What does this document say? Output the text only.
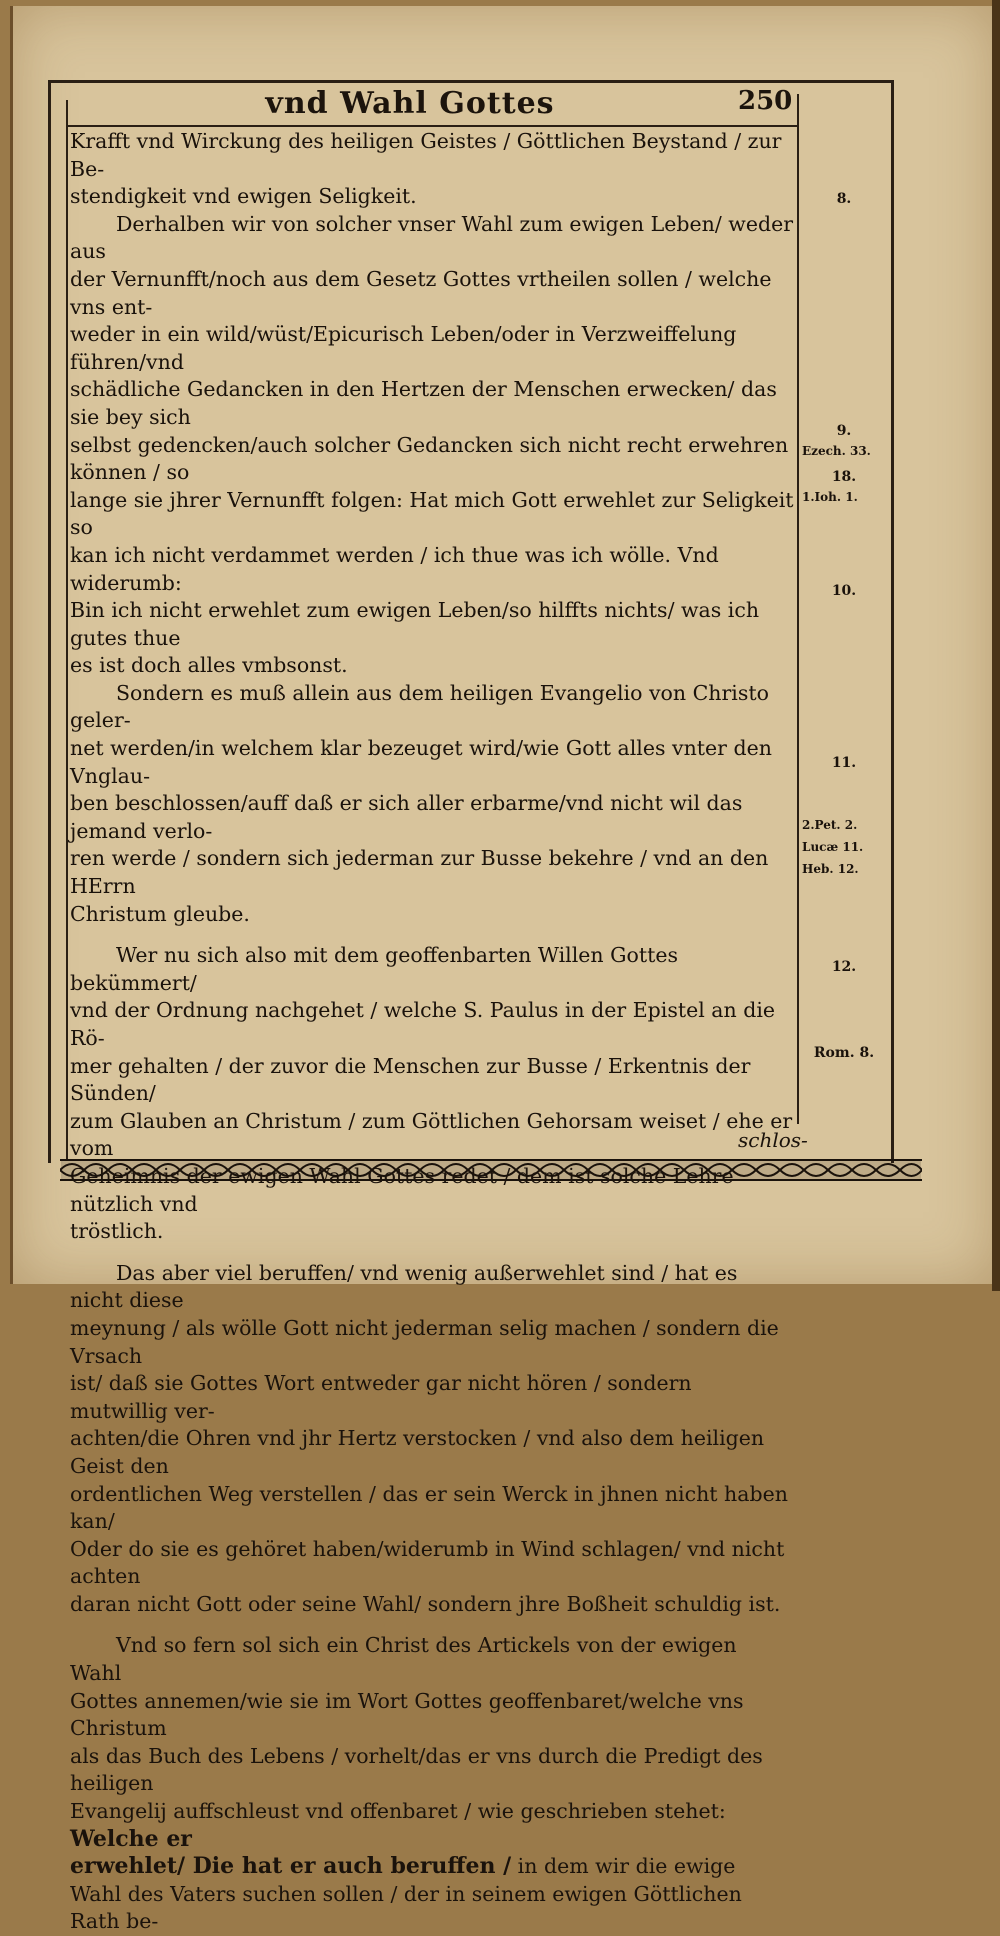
vnd Wahl Gottes	250

Krafft vnd Wirckung des heiligen Geistes / Göttlichen Beystand / zur Be-

stendigkeit vnd ewigen Seligkeit.

Derhalben wir von solcher vnser Wahl zum ewigen Leben/ weder aus

der Vernunfft/noch aus dem Gesetz Gottes vrtheilen sollen / welche vns ent-

weder in ein wild/wüst/Epicurisch Leben/oder in Verzweiffelung führen/vnd

schädliche Gedancken in den Hertzen der Menschen erwecken/ das sie bey sich

selbst gedencken/auch solcher Gedancken sich nicht recht erwehren können / so

lange sie jhrer Vernunfft folgen: Hat mich Gott erwehlet zur Seligkeit so

kan ich nicht verdammet werden / ich thue was ich wölle. Vnd widerumb:

Bin ich nicht erwehlet zum ewigen Leben/so hilffts nichts/ was ich gutes thue

es ist doch alles vmbsonst.

Sondern es muß allein aus dem heiligen Evangelio von Christo geler-

net werden/in welchem klar bezeuget wird/wie Gott alles vnter den Vnglau-

ben beschlossen/auff daß er sich aller erbarme/vnd nicht wil das jemand verlo-

ren werde / sondern sich jederman zur Busse bekehre / vnd an den HErrn

Christum gleube.

Wer nu sich also mit dem geoffenbarten Willen Gottes bekümmert/

vnd der Ordnung nachgehet / welche S. Paulus in der Epistel an die Rö-

mer gehalten / der zuvor die Menschen zur Busse / Erkentnis der Sünden/

zum Glauben an Christum / zum Göttlichen Gehorsam weiset / ehe er vom

Geheimnis der ewigen Wahl Gottes redet / dem ist solche Lehre nützlich vnd

tröstlich.

Das aber viel beruffen/ vnd wenig außerwehlet sind / hat es nicht diese

meynung / als wölle Gott nicht jederman selig machen / sondern die Vrsach

ist/ daß sie Gottes Wort entweder gar nicht hören / sondern mutwillig ver-

achten/die Ohren vnd jhr Hertz verstocken / vnd also dem heiligen Geist den

ordentlichen Weg verstellen / das er sein Werck in jhnen nicht haben kan/

Oder do sie es gehöret haben/widerumb in Wind schlagen/ vnd nicht achten

daran nicht Gott oder seine Wahl/ sondern jhre Boßheit schuldig ist.

Vnd so fern sol sich ein Christ des Artickels von der ewigen Wahl

Gottes annemen/wie sie im Wort Gottes geoffenbaret/welche vns Christum

als das Buch des Lebens / vorhelt/das er vns durch die Predigt des heiligen

Evangelij auffschleust vnd offenbaret / wie geschrieben stehet: Welche er

erwehlet/ Die hat er auch beruffen / in dem wir die ewige

Wahl des Vaters suchen sollen / der in seinem ewigen Göttlichen Rath be-

8.
9.
Ezech. 33.
18.
1.Ioh. 1.
10.
11.
2.Pet. 2.
Lucæ 11.
Heb. 12.
12.
Rom. 8.
schlos-
